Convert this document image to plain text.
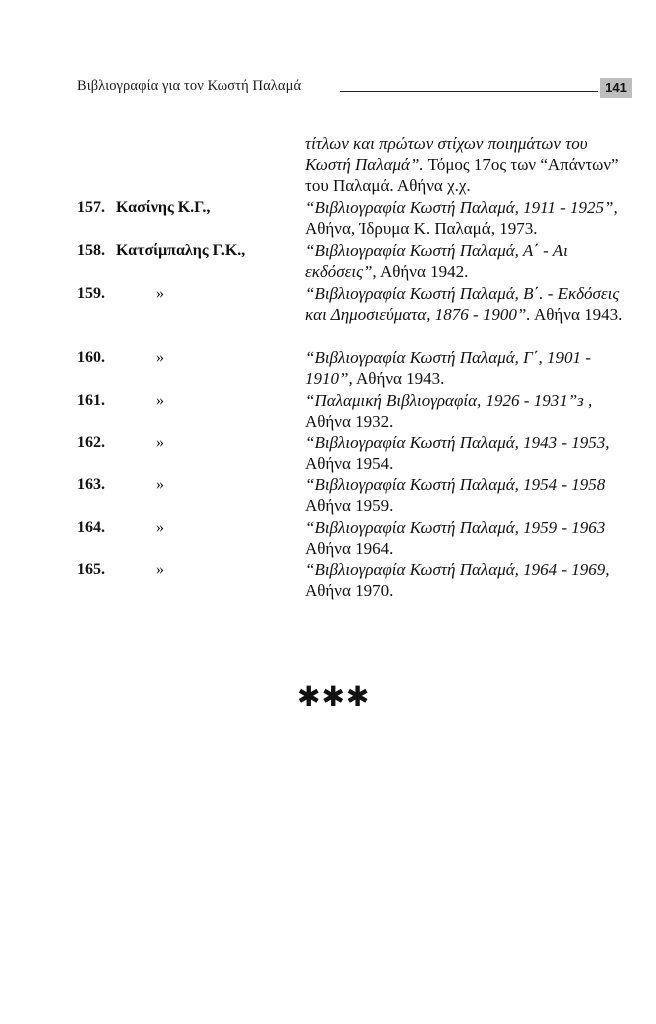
Βιβλιογραφία για τον Κωστή Παλαμά	141
τίτλων και πρώτων στίχων ποιημάτων του Κωστή Παλαμά”. Τόμος 17ος των “Απάντων” του Παλαμά. Αθήνα χ.χ.
157. Κασίνης Κ.Γ.,	“Βιβλιογραφία Κωστή Παλαμά, 1911 - 1925”, Αθήνα, Ίδρυμα Κ. Παλαμά, 1973.
158. Κατσίμπαλης Γ.Κ.,	“Βιβλιογραφία Κωστή Παλαμά, Α΄ - Αι εκδόσεις”, Αθήνα 1942.
159.	»	“Βιβλιογραφία Κωστή Παλαμά, Β΄. - Εκδόσεις και Δημοσιεύματα, 1876 - 1900”. Αθήνα 1943.
160.	»	“Βιβλιογραφία Κωστή Παλαμά, Γ΄, 1901 - 1910”, Αθήνα 1943.
161.	»	“Παλαμική Βιβλιογραφία, 1926 - 1931”з , Αθήνα 1932.
162.	»	“Βιβλιογραφία Κωστή Παλαμά, 1943 - 1953, Αθήνα 1954.
163.	»	“Βιβλιογραφία Κωστή Παλαμά, 1954 - 1958 Αθήνα 1959.
164.	»	“Βιβλιογραφία Κωστή Παλαμά, 1959 - 1963 Αθήνα 1964.
165.	»	“Βιβλιογραφία Κωστή Παλαμά, 1964 - 1969, Αθήνα 1970.
✱✱✱
